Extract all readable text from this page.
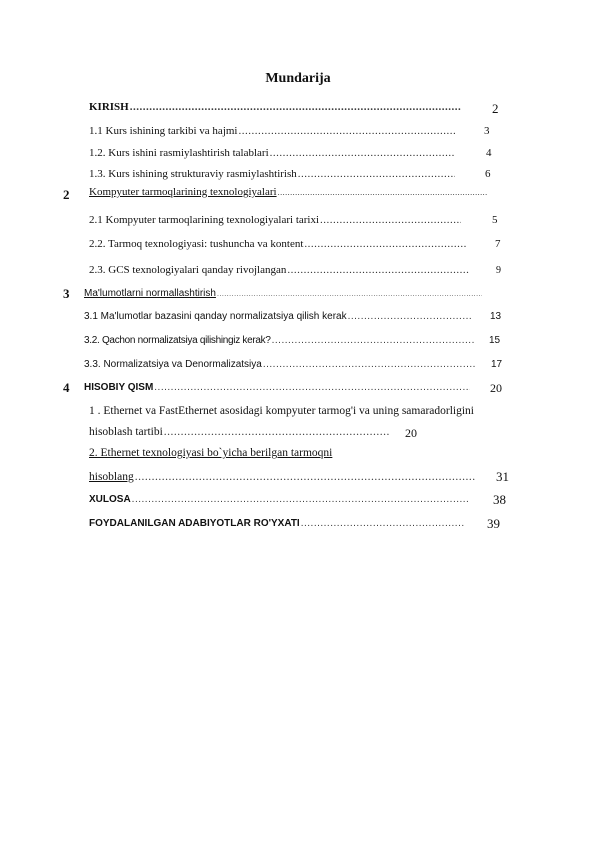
Mundarija
KIRISH .....	2
1.1 Kurs ishining tarkibi va hajmi .....	3
1.2. Kurs ishini rasmiylashtirish talablari .....	4
1.3. Kurs ishining strukturaviy rasmiylashtirish .....	6
2 Kompyuter tarmoqlarining texnologiyalari
.....
2.1 Kompyuter tarmoqlarining texnologiyalari tarixi .....	5
2.2. Tarmoq texnologiyasi: tushuncha va kontent .....	7
2.3. GCS texnologiyalari qanday rivojlangan .....	9
3 Ma'lumotlarni normallashtirish
.....
3.1 Ma'lumotlar bazasini qanday normalizatsiya qilish kerak .....	13
3.2. Qachon normalizatsiya qilishingiz kerak? .....	15
3.3. Normalizatsiya va Denormalizatsiya .....	17
4 HISOBIY QISM .....	20
1 . Ethernet va FastEthernet asosidagi kompyuter tarmog'i va uning samaradorligini
hisoblash tartibi .....	20
2. Ethernet texnologiyasi bo`yicha berilgan tarmoqni
hisoblang .....	31
XULOSA .....	38
FOYDALANILGAN ADABIYOTLAR RO'YXATI .....	39
